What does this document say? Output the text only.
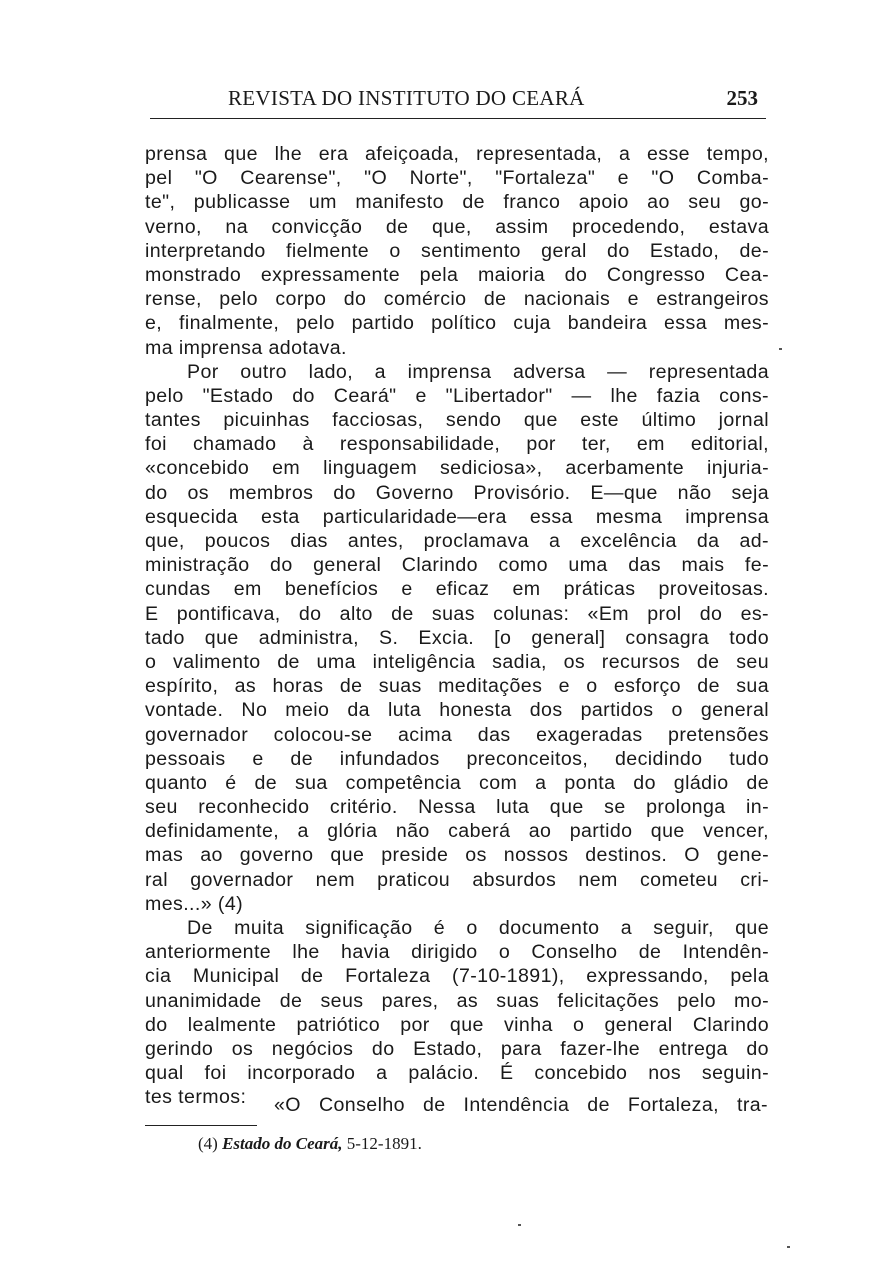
REVISTA DO INSTITUTO DO CEARÁ	253
prensa que lhe era afeiçoada, representada, a esse tempo,
pel "O Cearense", "O Norte", "Fortaleza" e "O Comba-
te", publicasse um manifesto de franco apoio ao seu go-
verno, na convicção de que, assim procedendo, estava
interpretando fielmente o sentimento geral do Estado, de-
monstrado expressamente pela maioria do Congresso Cea-
rense, pelo corpo do comércio de nacionais e estrangeiros
e, finalmente, pelo partido político cuja bandeira essa mes-
ma imprensa adotava.
Por outro lado, a imprensa adversa — representada
pelo "Estado do Ceará" e "Libertador" — lhe fazia cons-
tantes picuinhas facciosas, sendo que este último jornal
foi chamado à responsabilidade, por ter, em editorial,
«concebido em linguagem sediciosa», acerbamente injuria-
do os membros do Governo Provisório. E—que não seja
esquecida esta particularidade—era essa mesma imprensa
que, poucos dias antes, proclamava a excelência da ad-
ministração do general Clarindo como uma das mais fe-
cundas em benefícios e eficaz em práticas proveitosas.
E pontificava, do alto de suas colunas: «Em prol do es-
tado que administra, S. Excia. [o general] consagra todo
o valimento de uma inteligência sadia, os recursos de seu
espírito, as horas de suas meditações e o esforço de sua
vontade. No meio da luta honesta dos partidos o general
governador colocou-se acima das exageradas pretensões
pessoais e de infundados preconceitos, decidindo tudo
quanto é de sua competência com a ponta do gládio de
seu reconhecido critério. Nessa luta que se prolonga in-
definidamente, a glória não caberá ao partido que vencer,
mas ao governo que preside os nossos destinos. O gene-
ral governador nem praticou absurdos nem cometeu cri-
mes...» (4)
De muita significação é o documento a seguir, que
anteriormente lhe havia dirigido o Conselho de Intendên-
cia Municipal de Fortaleza (7-10-1891), expressando, pela
unanimidade de seus pares, as suas felicitações pelo mo-
do lealmente patriótico por que vinha o general Clarindo
gerindo os negócios do Estado, para fazer-lhe entrega do
qual foi incorporado a palácio. É concebido nos seguin-
tes termos:	«O Conselho de Intendência de Fortaleza, tra-
(4) Estado do Ceará, 5-12-1891.
